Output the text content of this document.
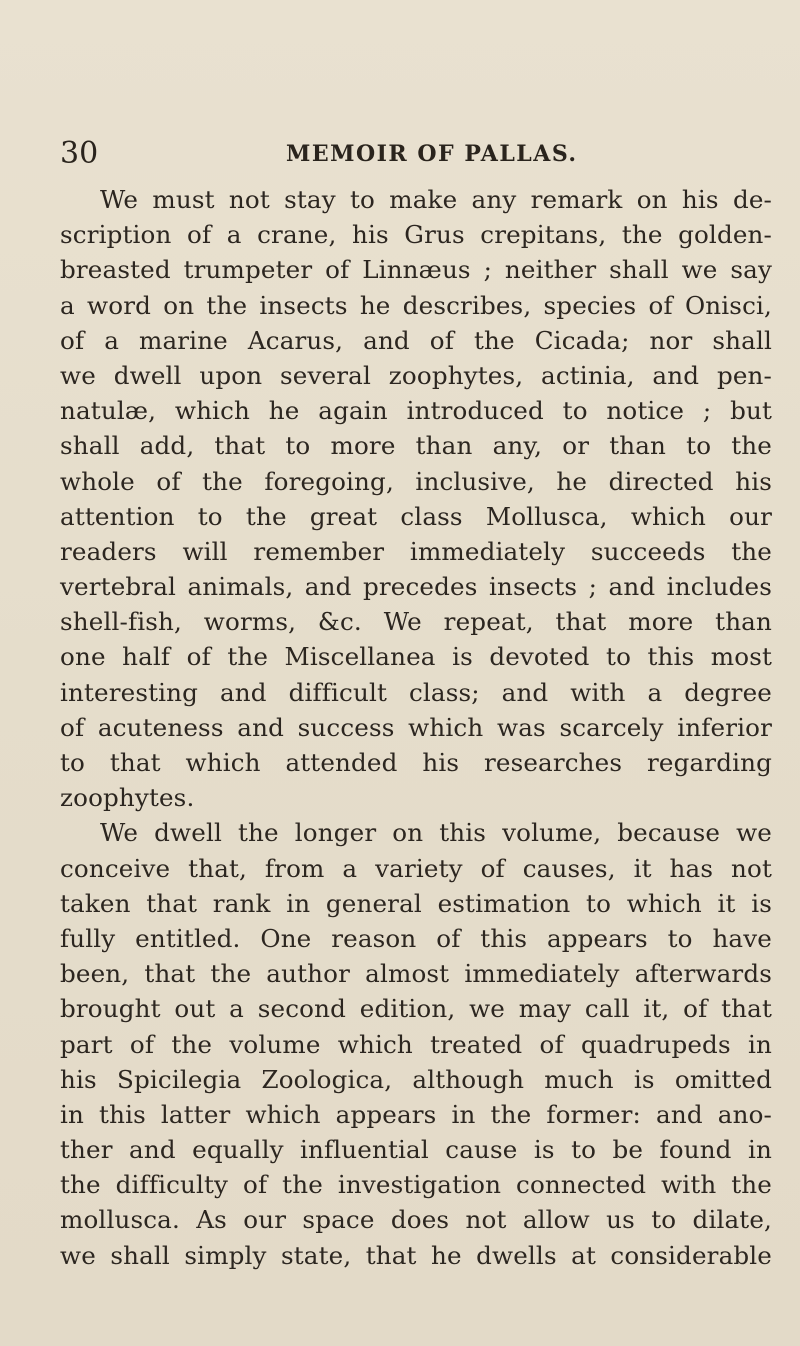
30	MEMOIR OF PALLAS.
We must not stay to make any remark on his de-
scription of a crane, his Grus crepitans, the golden-
breasted trumpeter of Linnæus ; neither shall we say
a word on the insects he describes, species of Onisci,
of a marine Acarus, and of the Cicada; nor shall
we dwell upon several zoophytes, actinia, and pen-
natulæ, which he again introduced to notice ; but
shall add, that to more than any, or than to the
whole of the foregoing, inclusive, he directed his
attention to the great class Mollusca, which our
readers will remember immediately succeeds the
vertebral animals, and precedes insects ; and includes
shell-fish, worms, &c. We repeat, that more than
one half of the Miscellanea is devoted to this most
interesting and difficult class; and with a degree
of acuteness and success which was scarcely inferior
to that which attended his researches regarding
zoophytes.
We dwell the longer on this volume, because we
conceive that, from a variety of causes, it has not
taken that rank in general estimation to which it is
fully entitled. One reason of this appears to have
been, that the author almost immediately afterwards
brought out a second edition, we may call it, of that
part of the volume which treated of quadrupeds in
his Spicilegia Zoologica, although much is omitted
in this latter which appears in the former: and ano-
ther and equally influential cause is to be found in
the difficulty of the investigation connected with the
mollusca. As our space does not allow us to dilate,
we shall simply state, that he dwells at considerable
